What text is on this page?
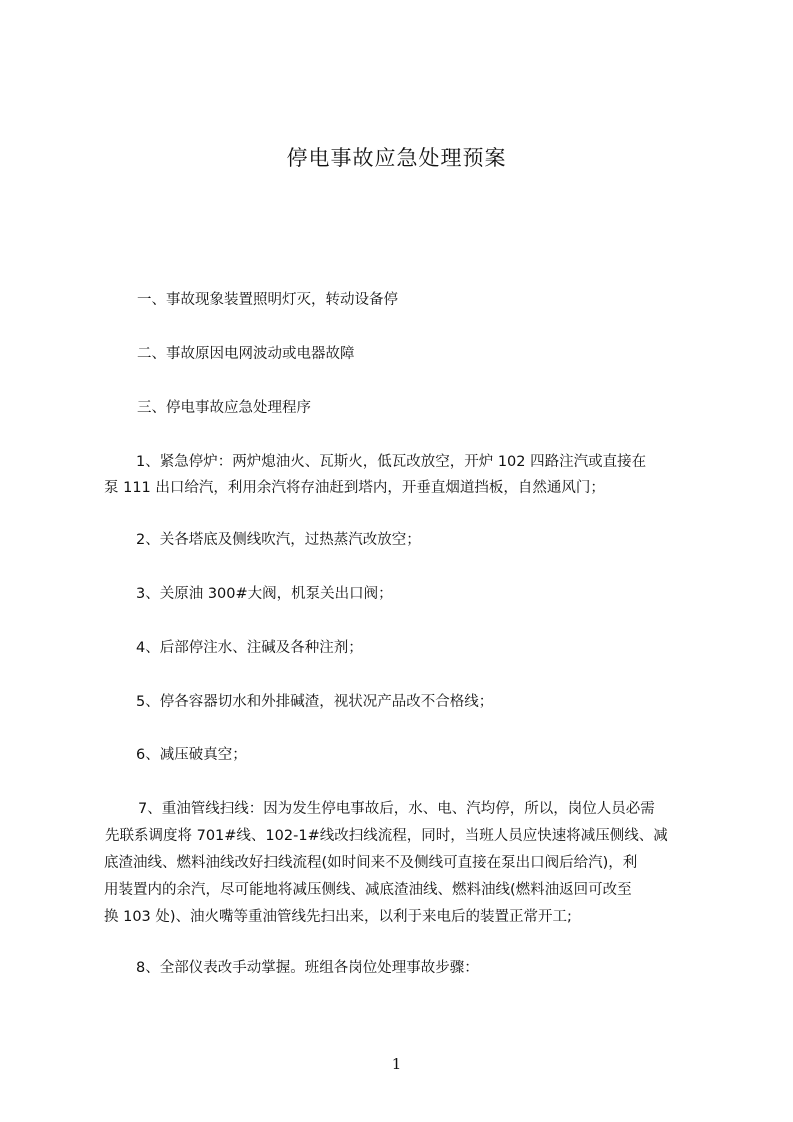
停电事故应急处理预案
一、事故现象装置照明灯灭，转动设备停
二、事故原因电网波动或电器故障
三、停电事故应急处理程序
1、紧急停炉：两炉熄油火、瓦斯火，低瓦改放空，开炉 102 四路注汽或直接在
泵 111 出口给汽，利用余汽将存油赶到塔内，开垂直烟道挡板，自然通风门；
2、关各塔底及侧线吹汽，过热蒸汽改放空；
3、关原油 300#大阀，机泵关出口阀；
4、后部停注水、注碱及各种注剂；
5、停各容器切水和外排碱渣，视状况产品改不合格线；
6、减压破真空；
7、重油管线扫线：因为发生停电事故后，水、电、汽均停，所以，岗位人员必需
先联系调度将 701#线、102-1#线改扫线流程，同时，当班人员应快速将减压侧线、减
底渣油线、燃料油线改好扫线流程(如时间来不及侧线可直接在泵出口阀后给汽)，利
用装置内的余汽，尽可能地将减压侧线、减底渣油线、燃料油线(燃料油返回可改至
换 103 处)、油火嘴等重油管线先扫出来，以利于来电后的装置正常开工;
8、全部仪表改手动掌握。班组各岗位处理事故步骤：
1
